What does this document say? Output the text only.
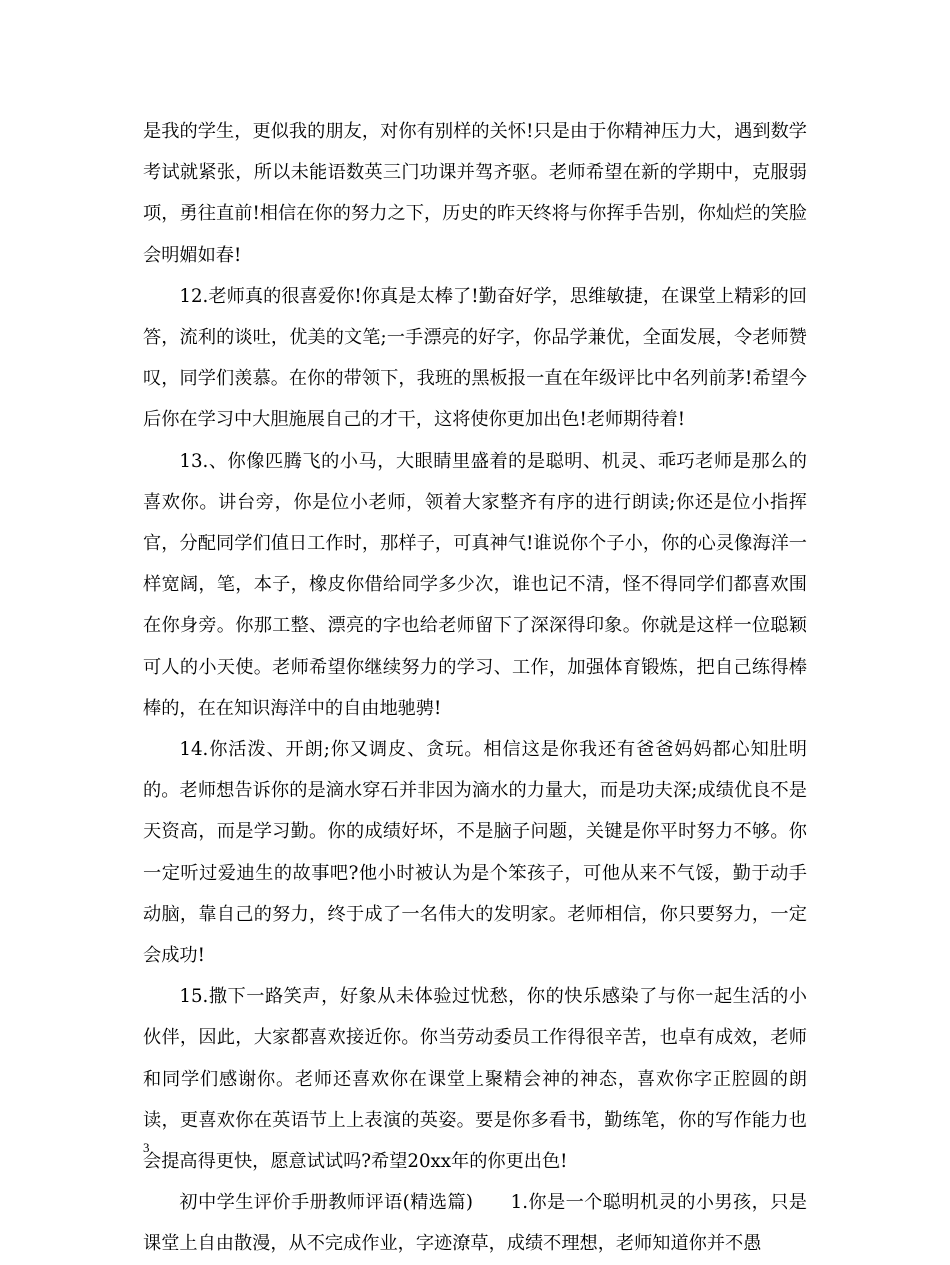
是我的学生，更似我的朋友，对你有别样的关怀!只是由于你精神压力大，遇到数学考试就紧张，所以未能语数英三门功课并驾齐驱。老师希望在新的学期中，克服弱项，勇往直前!相信在你的努力之下，历史的昨天终将与你挥手告别，你灿烂的笑脸会明媚如春!

12.老师真的很喜爱你!你真是太棒了!勤奋好学，思维敏捷，在课堂上精彩的回答，流利的谈吐，优美的文笔;一手漂亮的好字，你品学兼优，全面发展，令老师赞叹，同学们羡慕。在你的带领下，我班的黑板报一直在年级评比中名列前茅!希望今后你在学习中大胆施展自己的才干，这将使你更加出色!老师期待着!

13.、你像匹腾飞的小马，大眼睛里盛着的是聪明、机灵、乖巧老师是那么的喜欢你。讲台旁，你是位小老师，领着大家整齐有序的进行朗读;你还是位小指挥官，分配同学们值日工作时，那样子，可真神气!谁说你个子小，你的心灵像海洋一样宽阔，笔，本子，橡皮你借给同学多少次，谁也记不清，怪不得同学们都喜欢围在你身旁。你那工整、漂亮的字也给老师留下了深深得印象。你就是这样一位聪颖可人的小天使。老师希望你继续努力的学习、工作，加强体育锻炼，把自己练得棒棒的，在在知识海洋中的自由地驰骋!

14.你活泼、开朗;你又调皮、贪玩。相信这是你我还有爸爸妈妈都心知肚明的。老师想告诉你的是滴水穿石并非因为滴水的力量大，而是功夫深;成绩优良不是天资高，而是学习勤。你的成绩好坏，不是脑子问题，关键是你平时努力不够。你一定听过爱迪生的故事吧?他小时被认为是个笨孩子，可他从来不气馁，勤于动手动脑，靠自己的努力，终于成了一名伟大的发明家。老师相信，你只要努力，一定会成功!

15.撒下一路笑声，好象从未体验过忧愁，你的快乐感染了与你一起生活的小伙伴，因此，大家都喜欢接近你。你当劳动委员工作得很辛苦，也卓有成效，老师和同学们感谢你。老师还喜欢你在课堂上聚精会神的神态，喜欢你字正腔圆的朗读，更喜欢你在英语节上上表演的英姿。要是你多看书，勤练笔，你的写作能力也会提高得更快，愿意试试吗?希望20xx年的你更出色!

初中学生评价手册教师评语(精选篇)　　1.你是一个聪明机灵的小男孩，只是课堂上自由散漫，从不完成作业，字迹潦草，成绩不理想，老师知道你并不愚

3
